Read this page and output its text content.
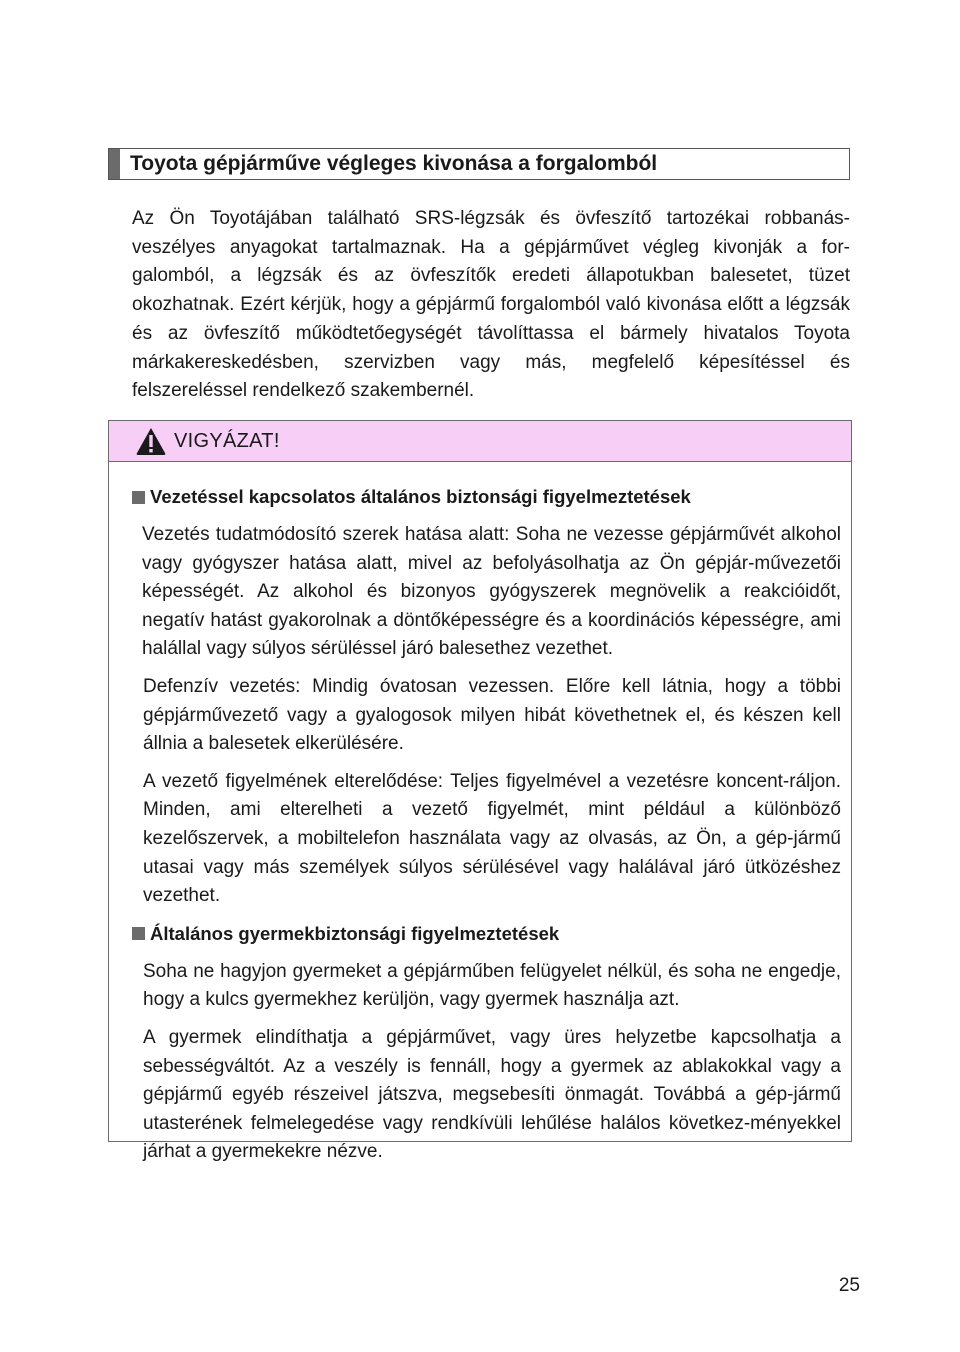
Toyota gépjárműve végleges kivonása a forgalomból

Az Ön Toyotájában található SRS-légzsák és övfeszítő tartozékai robbanás-veszélyes anyagokat tartalmaznak. Ha a gépjárművet végleg kivonják a for-galomból, a légzsák és az övfeszítők eredeti állapotukban balesetet, tüzet okozhatnak. Ezért kérjük, hogy a gépjármű forgalomból való kivonása előtt a légzsák és az övfeszítő működtetőegységét távolíttassa el bármely hivatalos Toyota márkakereskedésben, szervizben vagy más, megfelelő képesítéssel és felszereléssel rendelkező szakembernél.

VIGYÁZAT!
Vezetéssel kapcsolatos általános biztonsági figyelmeztetések

Vezetés tudatmódosító szerek hatása alatt: Soha ne vezesse gépjárművét alkohol vagy gyógyszer hatása alatt, mivel az befolyásolhatja az Ön gépjár-művezetői képességét. Az alkohol és bizonyos gyógyszerek megnövelik a reakcióidőt, negatív hatást gyakorolnak a döntőképességre és a koordinációs képességre, ami halállal vagy súlyos sérüléssel járó balesethez vezethet.

Defenzív vezetés: Mindig óvatosan vezessen. Előre kell látnia, hogy a többi gépjárművezető vagy a gyalogosok milyen hibát követhetnek el, és készen kell állnia a balesetek elkerülésére.

A vezető figyelmének elterelődése: Teljes figyelmével a vezetésre koncent-ráljon. Minden, ami elterelheti a vezető figyelmét, mint például a különböző kezelőszervek, a mobiltelefon használata vagy az olvasás, az Ön, a gép-jármű utasai vagy más személyek súlyos sérülésével vagy halálával járó ütközéshez vezethet.

Általános gyermekbiztonsági figyelmeztetések

Soha ne hagyjon gyermeket a gépjárműben felügyelet nélkül, és soha ne engedje, hogy a kulcs gyermekhez kerüljön, vagy gyermek használja azt.

A gyermek elindíthatja a gépjárművet, vagy üres helyzetbe kapcsolhatja a sebességváltót. Az a veszély is fennáll, hogy a gyermek az ablakokkal vagy a gépjármű egyéb részeivel játszva, megsebesíti önmagát. Továbbá a gép-jármű utasterének felmelegedése vagy rendkívüli lehűlése halálos következ-ményekkel járhat a gyermekekre nézve.

25
